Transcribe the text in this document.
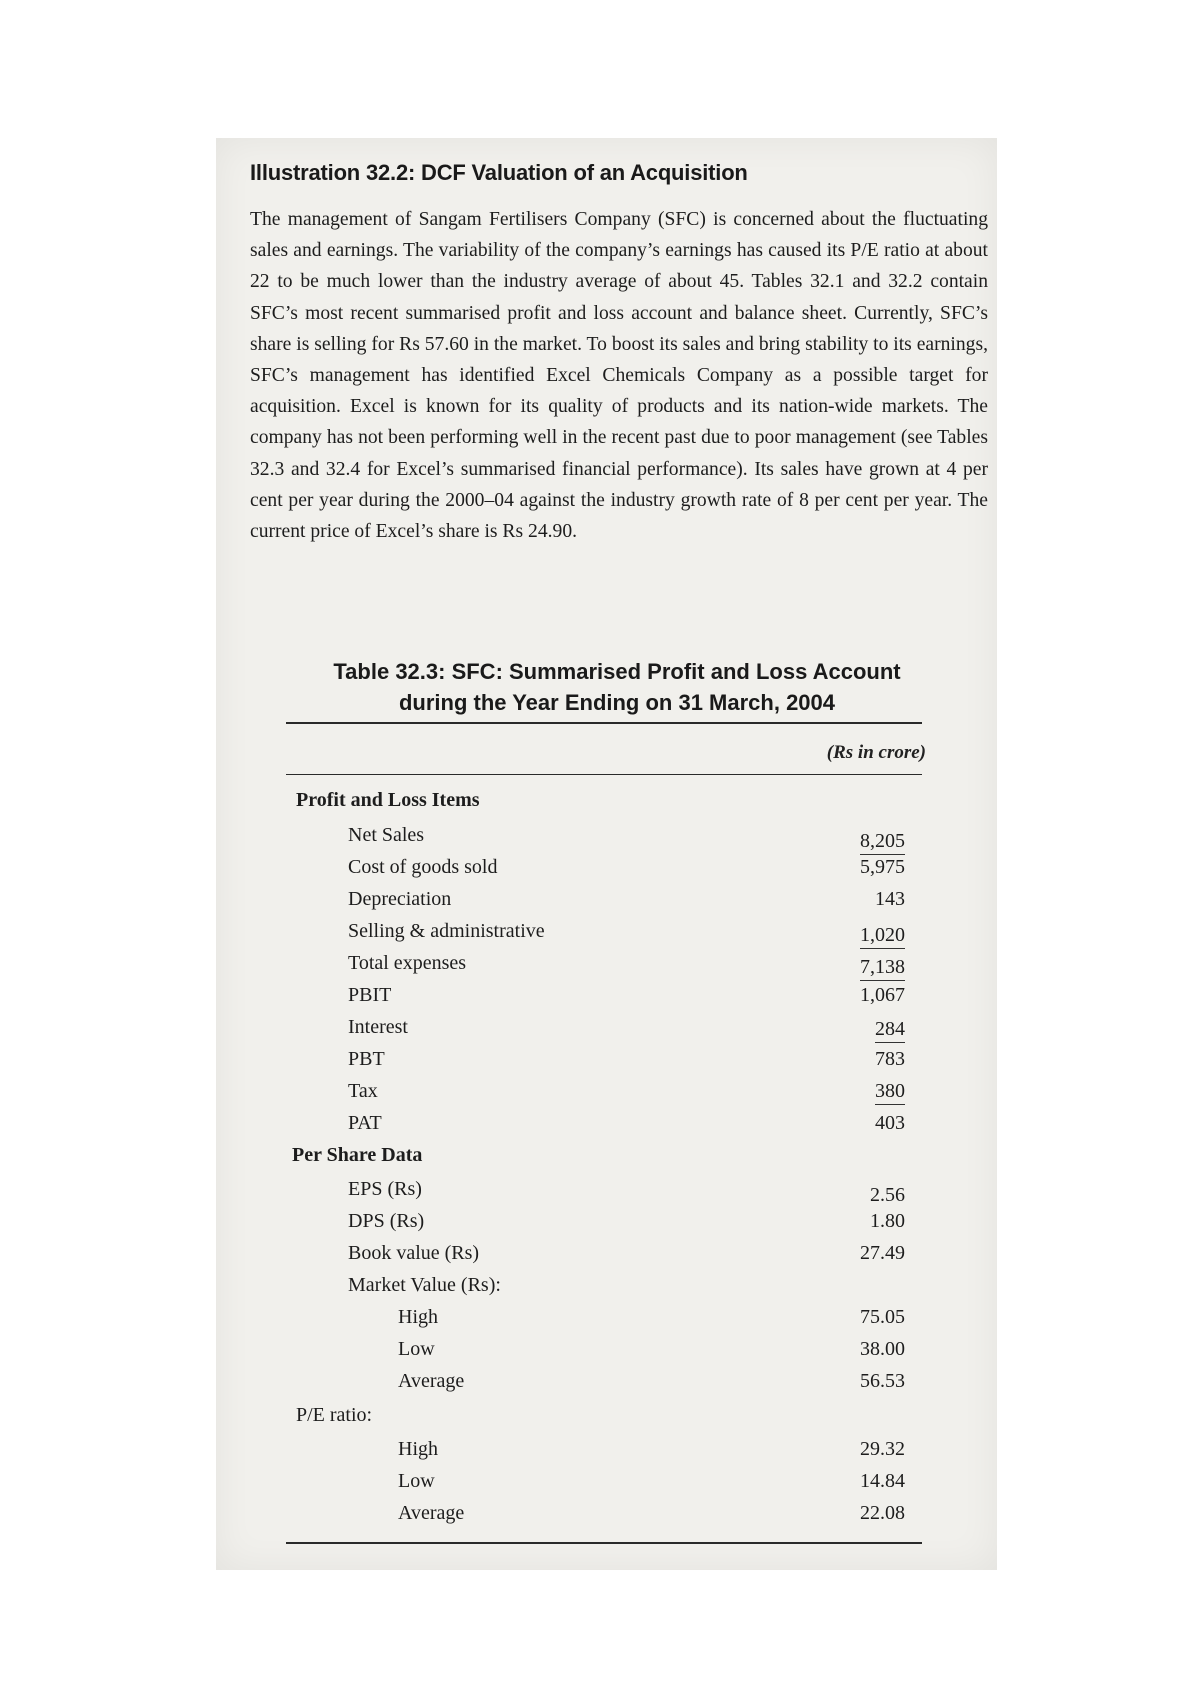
Illustration 32.2: DCF Valuation of an Acquisition
The management of Sangam Fertilisers Company (SFC) is concerned about the fluctuating sales and earnings. The variability of the company’s earnings has caused its P/E ratio at about 22 to be much lower than the industry average of about 45. Tables 32.1 and 32.2 contain SFC’s most recent summarised profit and loss account and balance sheet. Currently, SFC’s share is selling for Rs 57.60 in the market. To boost its sales and bring stability to its earnings, SFC’s management has identified Excel Chemicals Company as a possible target for acquisition. Excel is known for its quality of products and its nation-wide markets. The company has not been performing well in the recent past due to poor management (see Tables 32.3 and 32.4 for Excel’s summarised financial performance). Its sales have grown at 4 per cent per year during the 2000–04 against the industry growth rate of 8 per cent per year. The current price of Excel’s share is Rs 24.90.
Table 32.3: SFC: Summarised Profit and Loss Account
during the Year Ending on 31 March, 2004
(Rs in crore)
Profit and Loss Items
Net Sales	8,205
Cost of goods sold	5,975
Depreciation	143
Selling & administrative	1,020
Total expenses	7,138
PBIT	1,067
Interest	284
PBT	783
Tax	380
PAT	403
Per Share Data
EPS (Rs)	2.56
DPS (Rs)	1.80
Book value (Rs)	27.49
Market Value (Rs):
High	75.05
Low	38.00
Average	56.53
P/E ratio:
High	29.32
Low	14.84
Average	22.08
